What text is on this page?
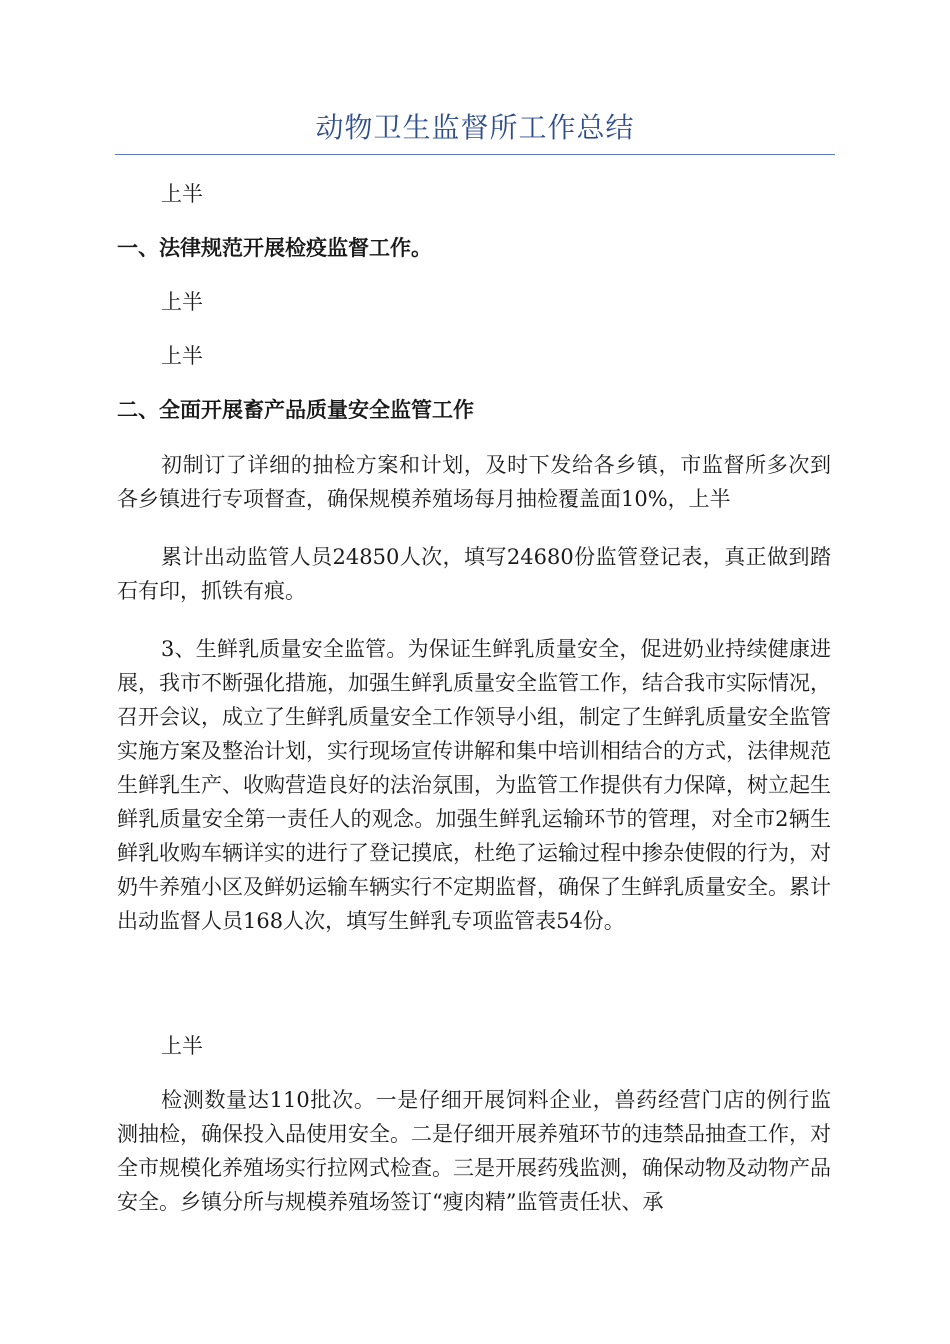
动物卫生监督所工作总结

上半

一、法律规范开展检疫监督工作。

上半

上半

二、全面开展畜产品质量安全监管工作

初制订了详细的抽检方案和计划，及时下发给各乡镇，市监督所多次到各乡镇进行专项督查，确保规模养殖场每月抽检覆盖面10%，上半

累计出动监管人员24850人次，填写24680份监管登记表，真正做到踏石有印，抓铁有痕。

3、生鲜乳质量安全监管。为保证生鲜乳质量安全，促进奶业持续健康进展，我市不断强化措施，加强生鲜乳质量安全监管工作，结合我市实际情况，召开会议，成立了生鲜乳质量安全工作领导小组，制定了生鲜乳质量安全监管实施方案及整治计划，实行现场宣传讲解和集中培训相结合的方式，法律规范生鲜乳生产、收购营造良好的法治氛围，为监管工作提供有力保障，树立起生鲜乳质量安全第一责任人的观念。加强生鲜乳运输环节的管理，对全市2辆生鲜乳收购车辆详实的进行了登记摸底，杜绝了运输过程中掺杂使假的行为，对奶牛养殖小区及鲜奶运输车辆实行不定期监督，确保了生鲜乳质量安全。累计出动监督人员168人次，填写生鲜乳专项监管表54份。

上半

检测数量达110批次。一是仔细开展饲料企业，兽药经营门店的例行监测抽检，确保投入品使用安全。二是仔细开展养殖环节的违禁品抽查工作，对全市规模化养殖场实行拉网式检查。三是开展药残监测，确保动物及动物产品安全。乡镇分所与规模养殖场签订“瘦肉精”监管责任状、承
